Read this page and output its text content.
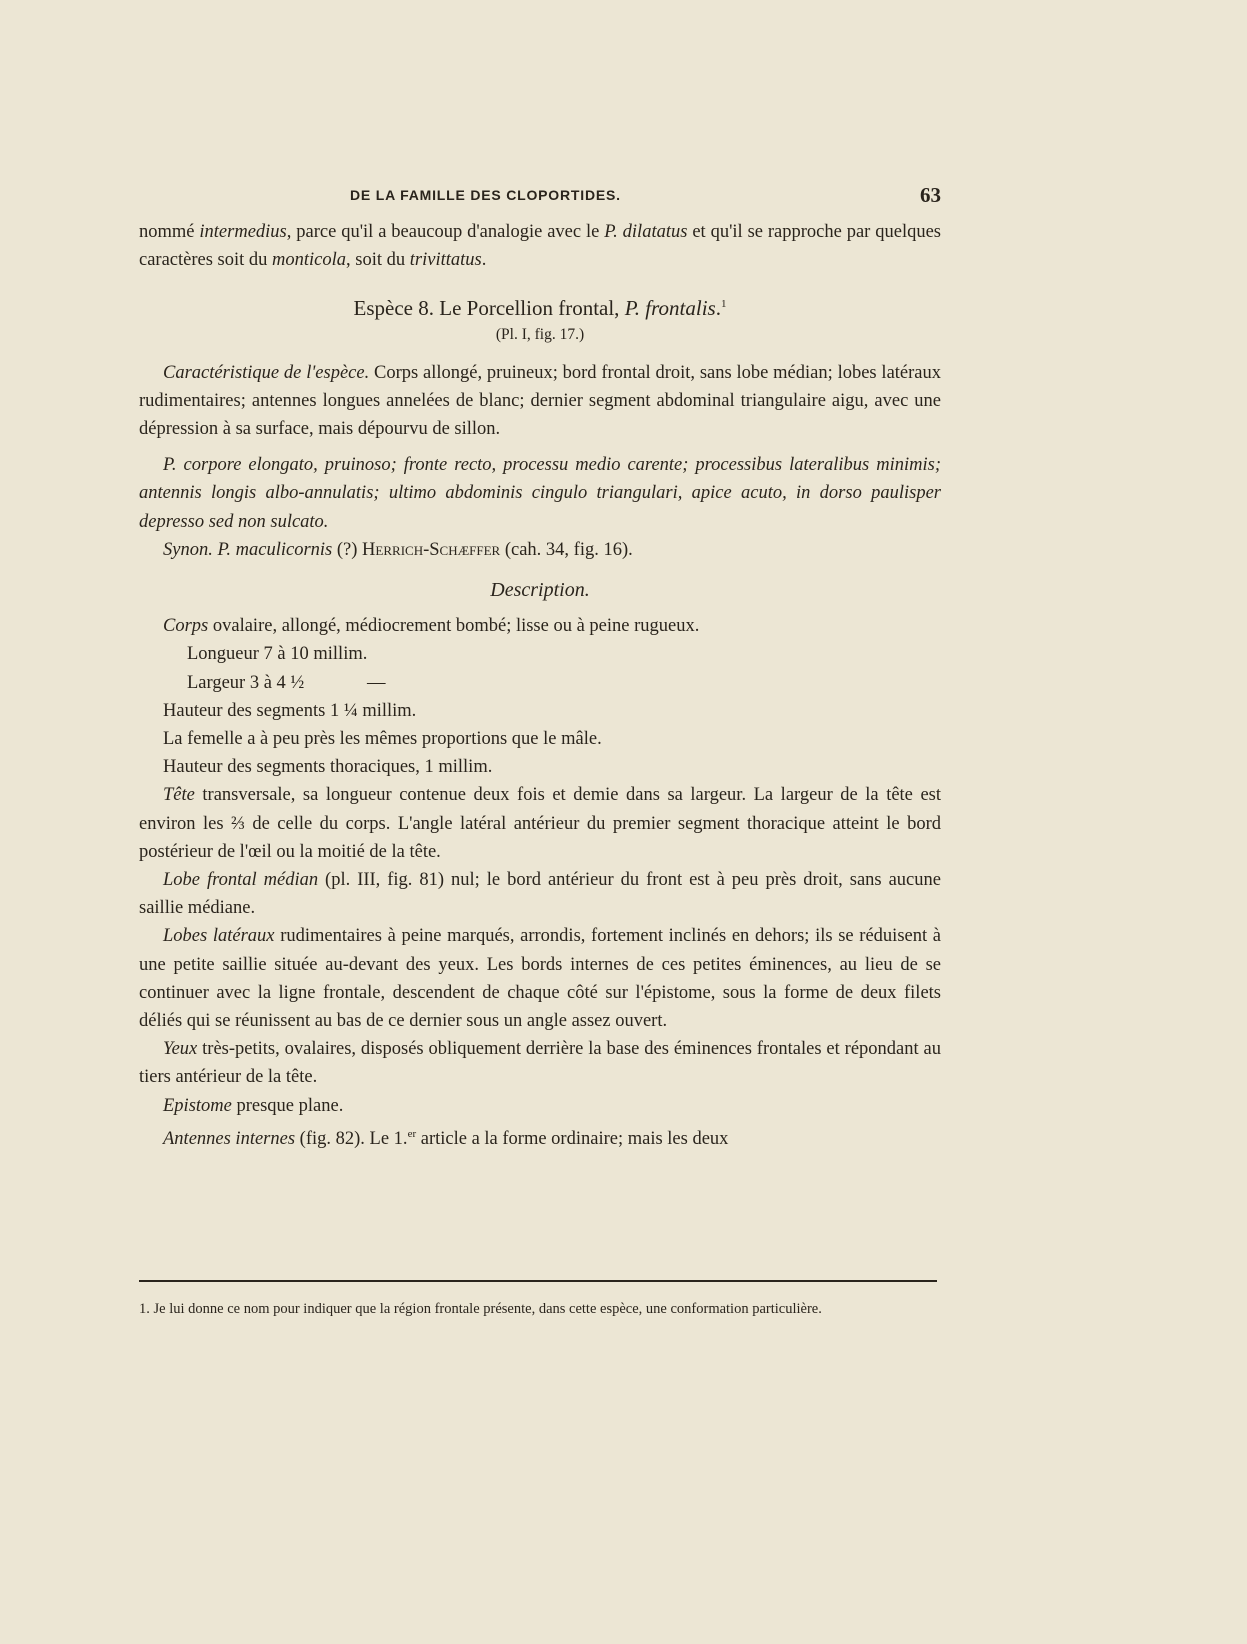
DE LA FAMILLE DES CLOPORTIDES.	63

nommé intermedius, parce qu'il a beaucoup d'analogie avec le P. dilatatus et qu'il se rapproche par quelques caractères soit du monticola, soit du trivittatus.

Espèce 8. Le Porcellion frontal, P. frontalis.$^1$

(Pl. I, fig. 17.)

Caractéristique de l'espèce. Corps allongé, pruineux; bord frontal droit, sans lobe médian; lobes latéraux rudimentaires; antennes longues annelées de blanc; dernier segment abdominal triangulaire aigu, avec une dépression à sa surface, mais dépourvu de sillon.

P. corpore elongato, pruinoso; fronte recto, processu medio carente; processibus lateralibus minimis; antennis longis albo-annulatis; ultimo abdominis cingulo triangulari, apice acuto, in dorso paulisper depresso sed non sulcato.

Synon. P. maculicornis (?) Herrich-Schæffer (cah. 34, fig. 16).

Description.

Corps ovalaire, allongé, médiocrement bombé; lisse ou à peine rugueux.

Longueur 7 à 10 millim.

Largeur 3 à 4 ½	—

Hauteur des segments 1 ¼ millim.

La femelle a à peu près les mêmes proportions que le mâle.

Hauteur des segments thoraciques, 1 millim.

Tête transversale, sa longueur contenue deux fois et demie dans sa largeur. La largeur de la tête est environ les ⅔ de celle du corps. L'angle latéral antérieur du premier segment thoracique atteint le bord postérieur de l'œil ou la moitié de la tête.

Lobe frontal médian (pl. III, fig. 81) nul; le bord antérieur du front est à peu près droit, sans aucune saillie médiane.

Lobes latéraux rudimentaires à peine marqués, arrondis, fortement inclinés en dehors; ils se réduisent à une petite saillie située au-devant des yeux. Les bords internes de ces petites éminences, au lieu de se continuer avec la ligne frontale, descendent de chaque côté sur l'épistome, sous la forme de deux filets déliés qui se réunissent au bas de ce dernier sous un angle assez ouvert.

Yeux très-petits, ovalaires, disposés obliquement derrière la base des éminences frontales et répondant au tiers antérieur de la tête.

Epistome presque plane.

Antennes internes (fig. 82). Le 1.$^{er}$ article a la forme ordinaire; mais les deux

1. Je lui donne ce nom pour indiquer que la région frontale présente, dans cette espèce, une conformation particulière.
